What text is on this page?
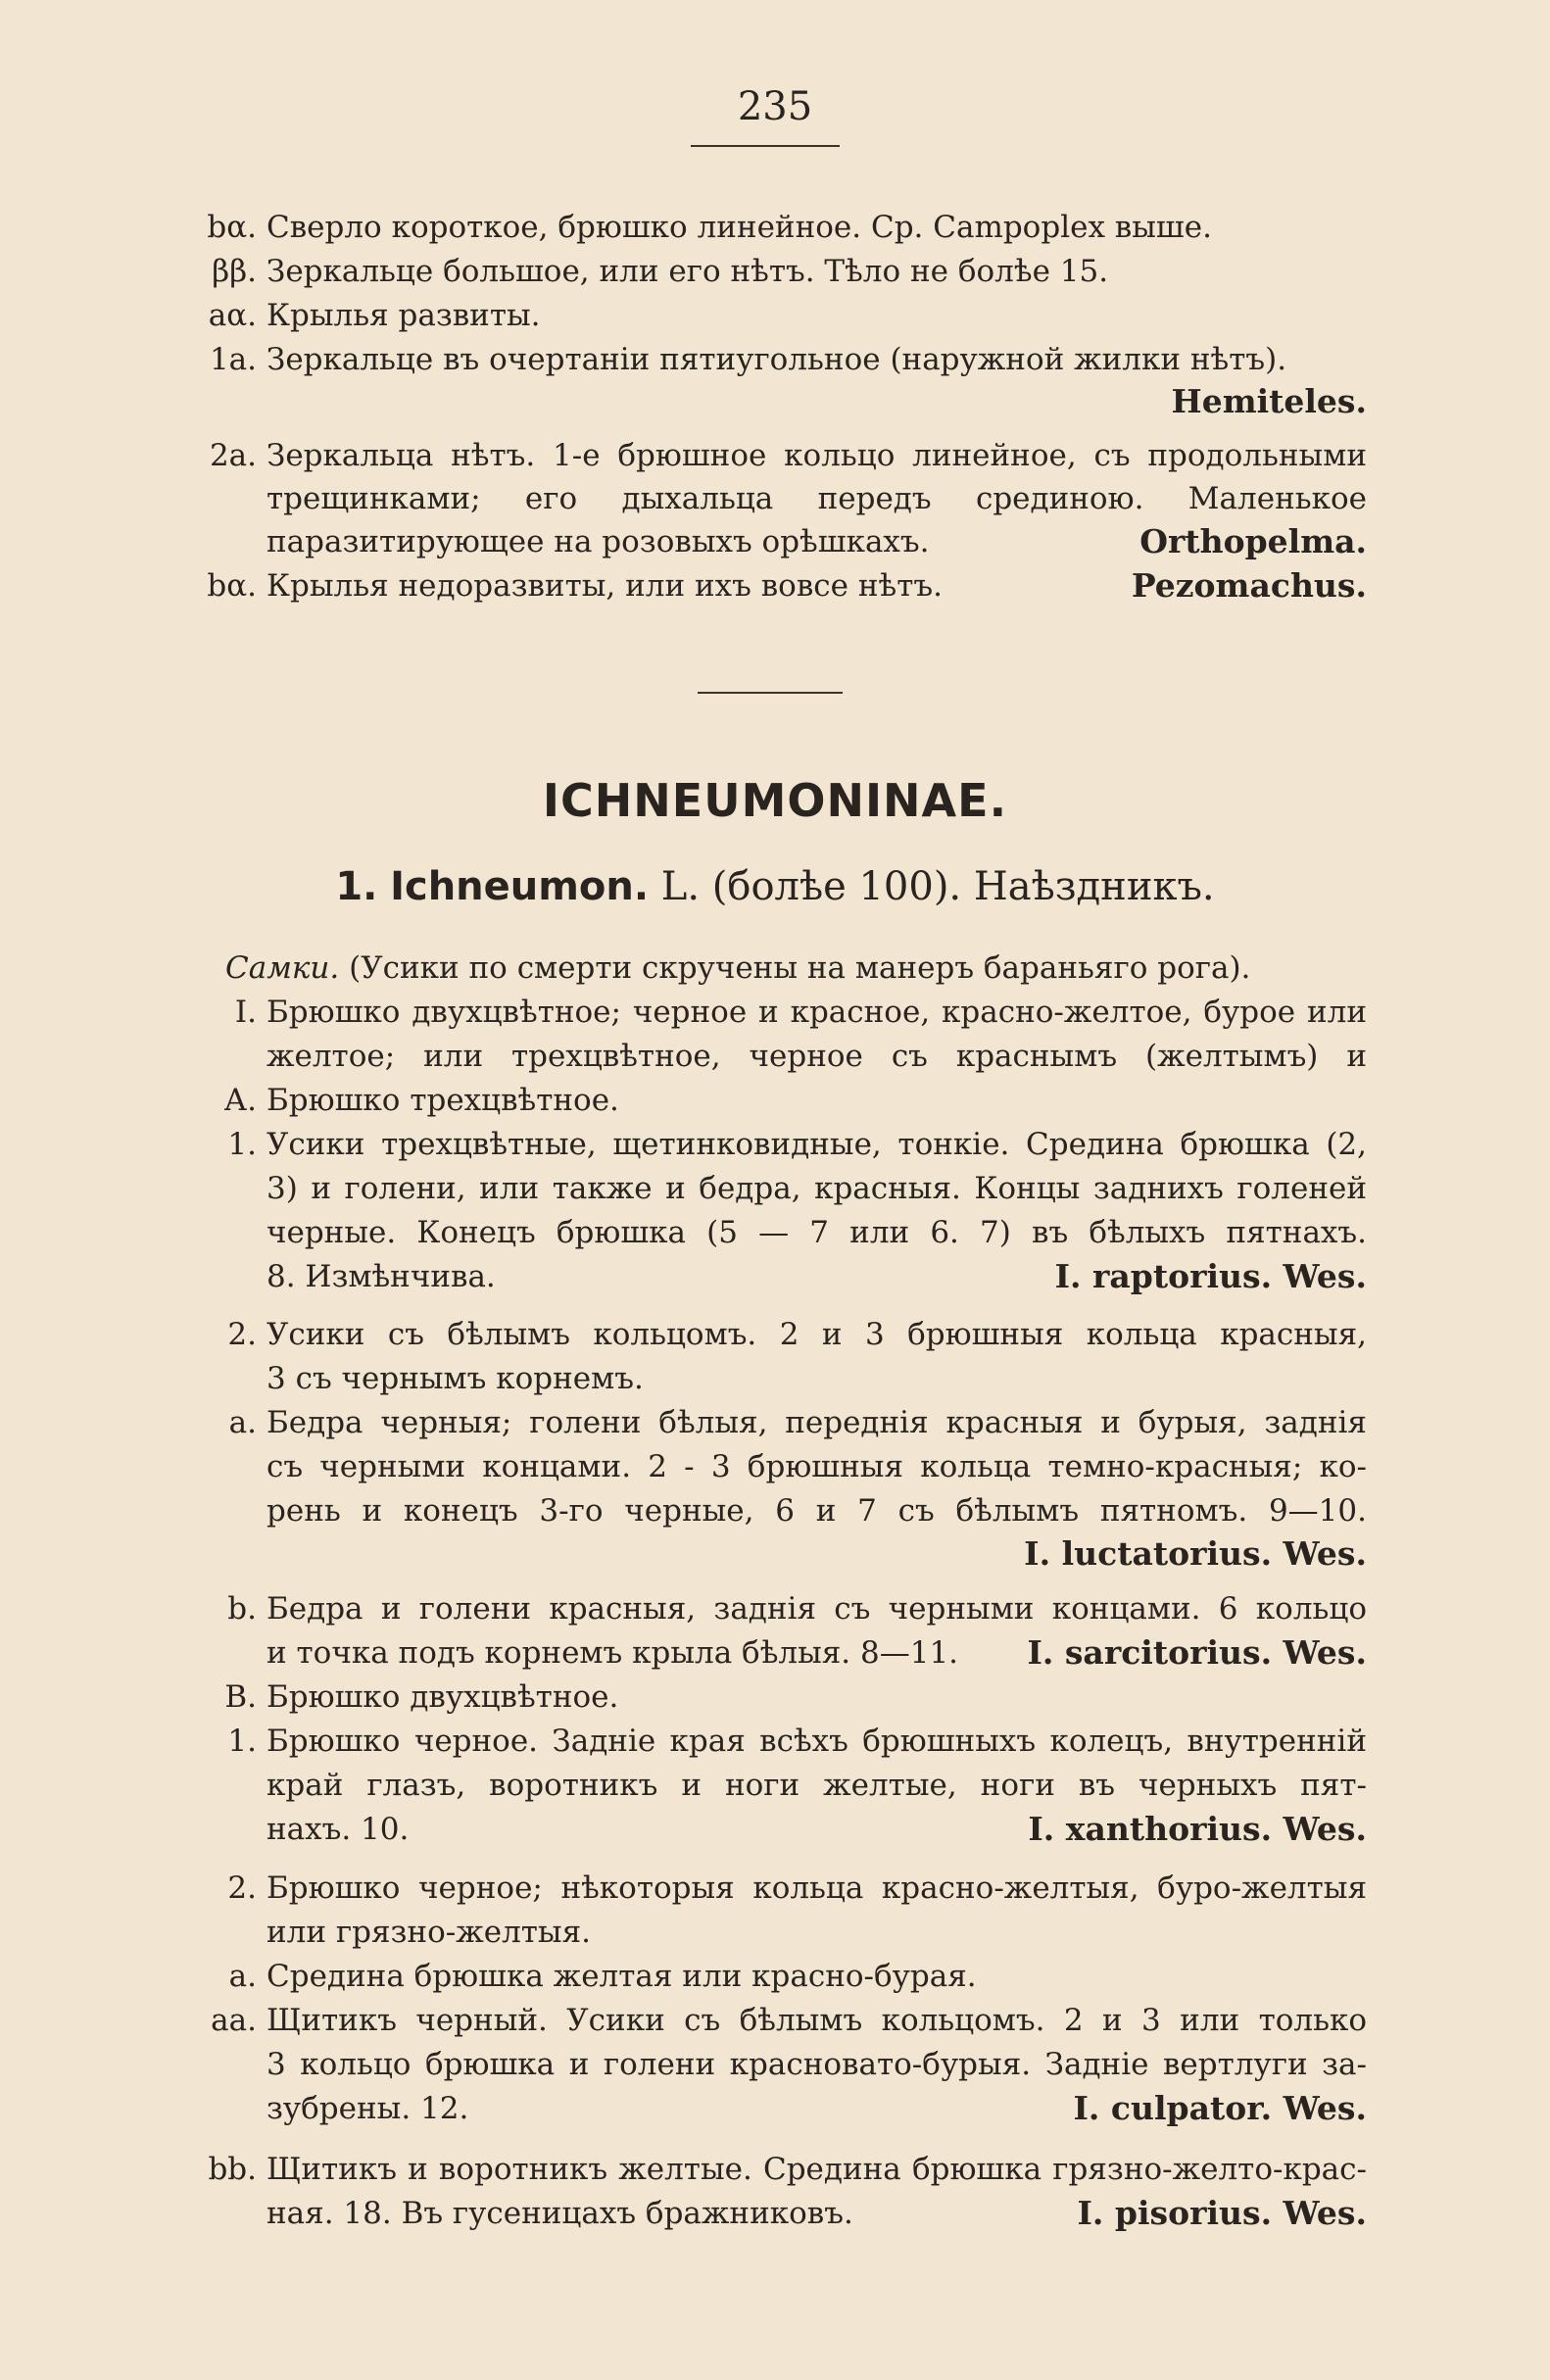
235
bα. Сверло короткое, брюшко линейное. Ср. Camроplex выше.
ββ. Зеркальце большое, или его нѣтъ. Тѣло не болѣе 15.
аα. Крылья развиты.
1а. Зеркальце въ очертаніи пятиугольное (наружной жилки нѣтъ).
Hemiteles.
2а. Зеркальца нѣтъ. 1-е брюшное кольцо линейное, съ продольными
трещинками; его дыхальца передъ срединою. Маленькое
паразитирующее на розовыхъ орѣшкахъ.	Orthopelma.
bα. Крылья недоразвиты, или ихъ вовсе нѣтъ.	Pezomachus.
ICHNEUMONINAE.
1. Ichneumon. L. (болѣе 100). Наѣздникъ.
Самки. (Усики по смерти скручены на манеръ бараньяго рога).
I. Брюшко двухцвѣтное; черное и красное, красно-желтое, бурое или
желтое; или трехцвѣтное, черное съ краснымъ (желтымъ) и
А. Брюшко трехцвѣтное.
1. Усики трехцвѣтные, щетинковидные, тонкіе. Средина брюшка (2,
3) и голени, или также и бедра, красныя. Концы заднихъ голеней
черные. Конецъ брюшка (5 — 7 или 6. 7) въ бѣлыхъ пятнахъ.
8. Измѣнчива.	I. raptorius. Wes.
2. Усики съ бѣлымъ кольцомъ. 2 и 3 брюшныя кольца красныя,
3 съ чернымъ корнемъ.
а. Бедра черныя; голени бѣлыя, переднія красныя и бурыя, заднія
съ черными концами. 2 - 3 брюшныя кольца темно-красныя; ко-
рень и конецъ 3-го черные, 6 и 7 съ бѣлымъ пятномъ. 9—10.
I. luctatorius. Wes.
b. Бедра и голени красныя, заднія съ черными концами. 6 кольцо
и точка подъ корнемъ крыла бѣлыя. 8—11. I. sarcitorius. Wes.
В. Брюшко двухцвѣтное.
1. Брюшко черное. Задніе края всѣхъ брюшныхъ колецъ, внутренній
край глазъ, воротникъ и ноги желтые, ноги въ черныхъ пят-
нахъ. 10.	I. xanthorius. Wes.
2. Брюшко черное; нѣкоторыя кольца красно-желтыя, буро-желтыя
или грязно-желтыя.
а. Средина брюшка желтая или красно-бурая.
аа. Щитикъ черный. Усики съ бѣлымъ кольцомъ. 2 и 3 или только
3 кольцо брюшка и голени красновато-бурыя. Задніе вертлуги за-
зубрены. 12.	I. culpator. Wes.
bb. Щитикъ и воротникъ желтые. Средина брюшка грязно-желто-крас-
ная. 18. Въ гусеницахъ бражниковъ.	I. pisorius. Wes.
